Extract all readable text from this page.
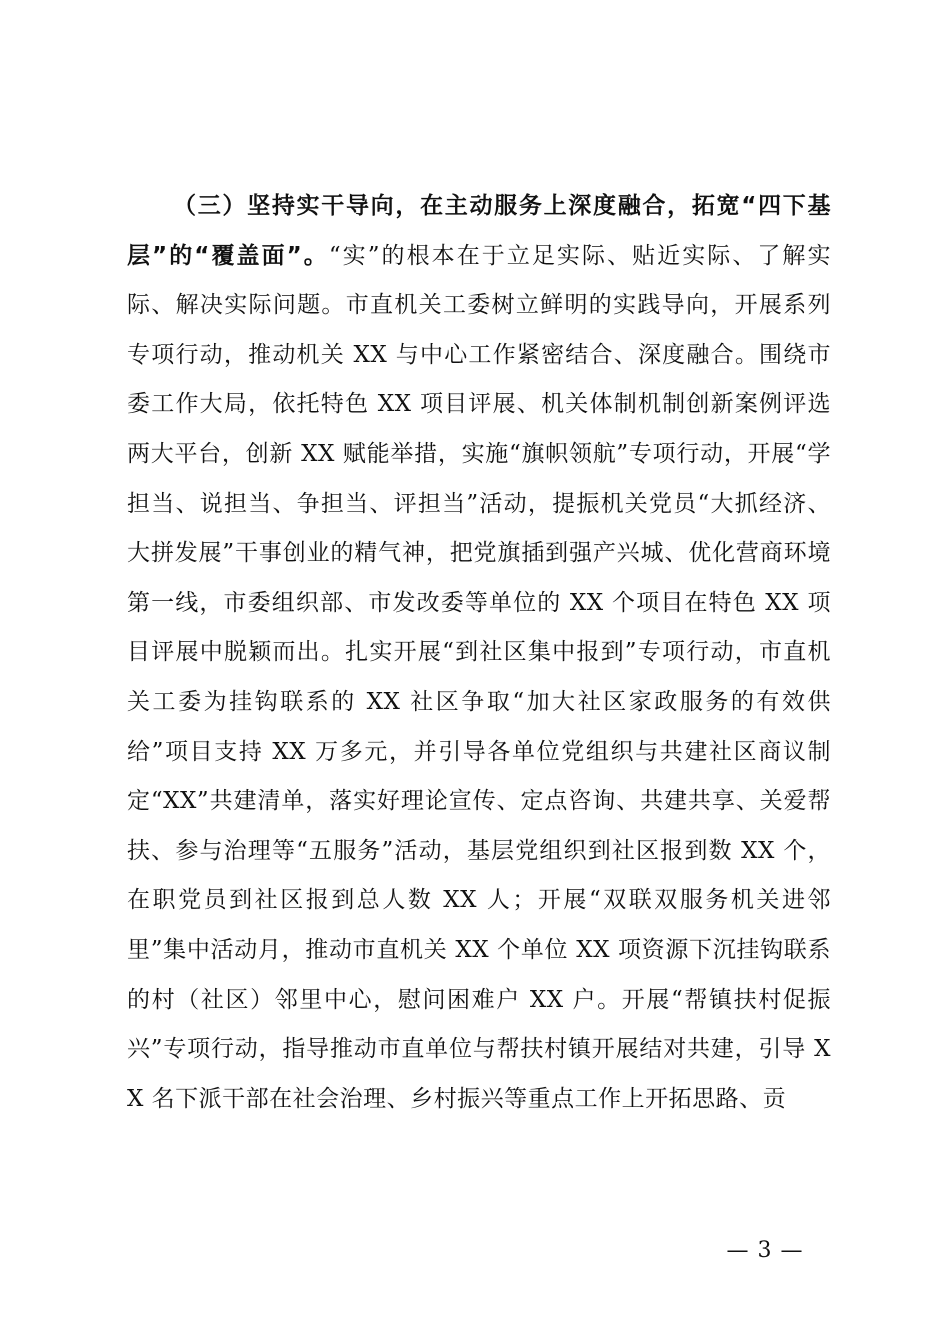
（三）坚持实干导向，在主动服务上深度融合，拓宽“四下基层”的“覆盖面”。“实”的根本在于立足实际、贴近实际、了解实际、解决实际问题。市直机关工委树立鲜明的实践导向，开展系列专项行动，推动机关 XX 与中心工作紧密结合、深度融合。围绕市委工作大局，依托特色 XX 项目评展、机关体制机制创新案例评选两大平台，创新 XX 赋能举措，实施“旗帜领航”专项行动，开展“学担当、说担当、争担当、评担当”活动，提振机关党员“大抓经济、大拼发展”干事创业的精气神，把党旗插到强产兴城、优化营商环境第一线，市委组织部、市发改委等单位的 XX 个项目在特色 XX 项目评展中脱颖而出。扎实开展“到社区集中报到”专项行动，市直机关工委为挂钩联系的 XX 社区争取“加大社区家政服务的有效供给”项目支持 XX 万多元，并引导各单位党组织与共建社区商议制定“XX”共建清单，落实好理论宣传、定点咨询、共建共享、关爱帮扶、参与治理等“五服务”活动，基层党组织到社区报到数 XX 个，在职党员到社区报到总人数 XX 人；开展“双联双服务机关进邻里”集中活动月，推动市直机关 XX 个单位 XX 项资源下沉挂钩联系的村（社区）邻里中心，慰问困难户 XX 户。开展“帮镇扶村促振兴”专项行动，指导推动市直单位与帮扶村镇开展结对共建，引导 XX 名下派干部在社会治理、乡村振兴等重点工作上开拓思路、贡

— 3 —
